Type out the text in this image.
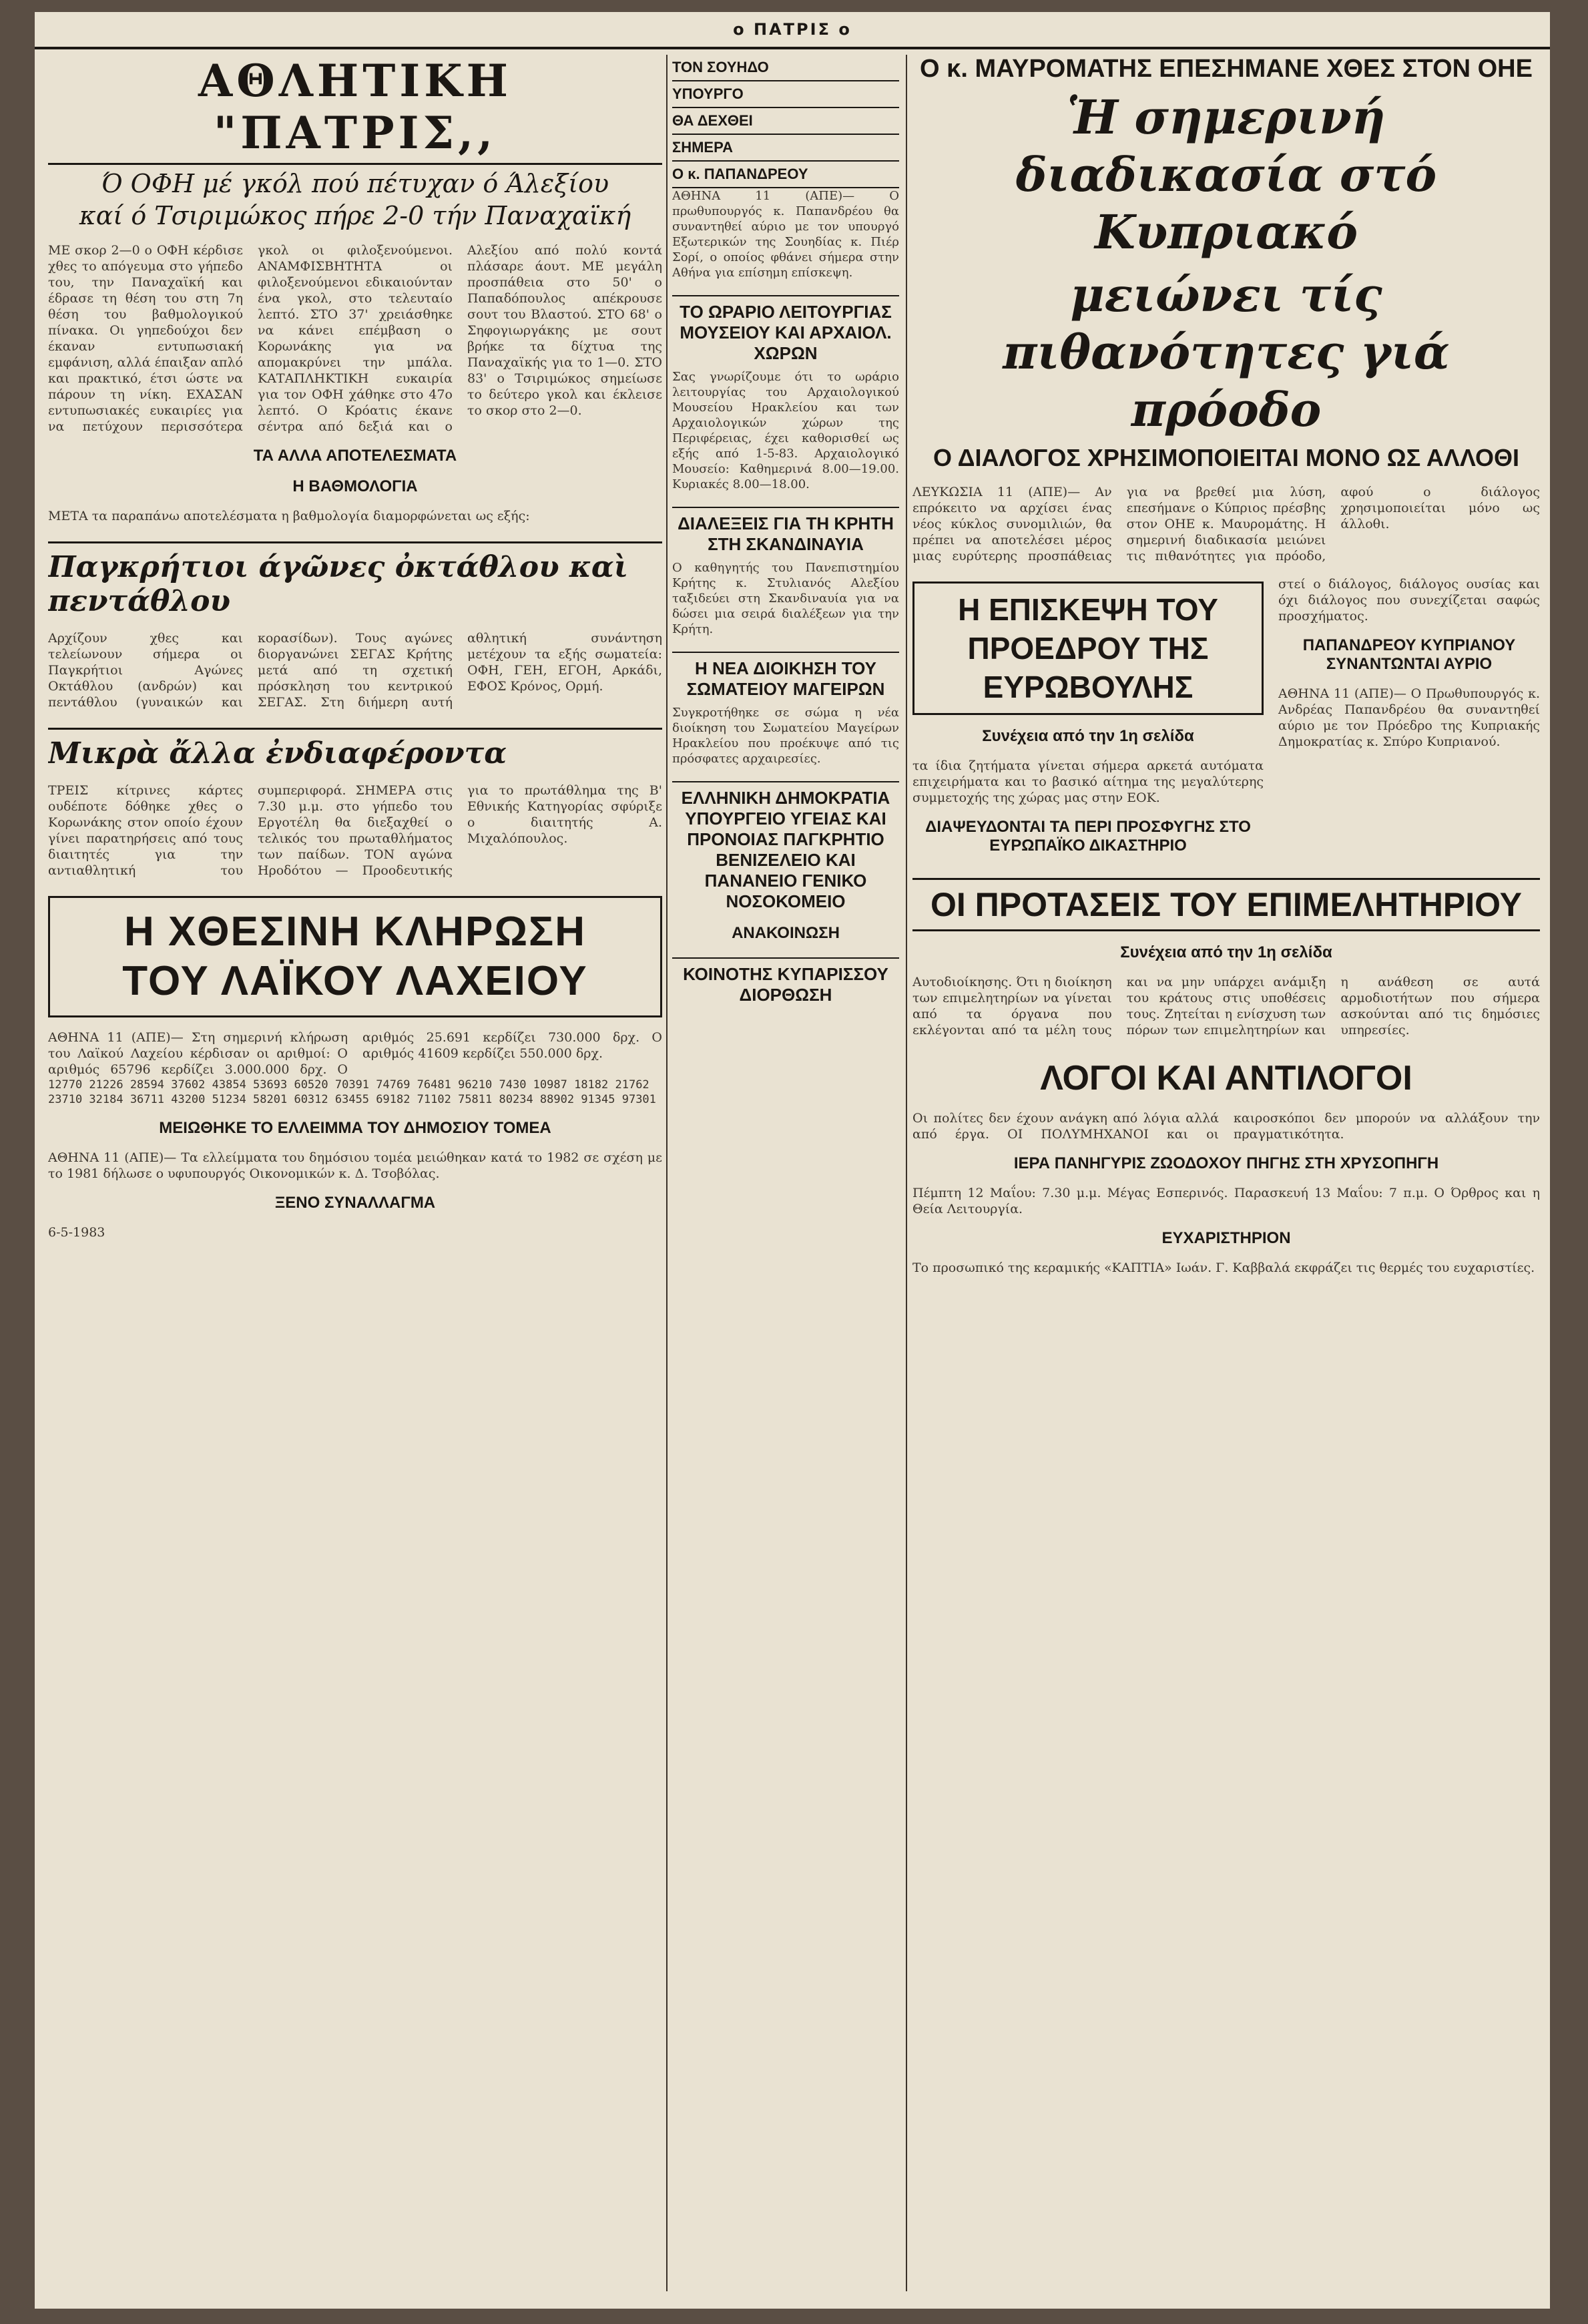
ο ΠΑΤΡΙΣ ο
ΑΘΛΗΤΙΚΗ "ΠΑΤΡΙΣ,,
Ό ΟΦΗ μέ γκόλ πού πέτυχαν ό Άλεξίου
καί ό Τσιριμώκος πήρε 2-0 τήν Παναχαϊκή
ΜΕ σκορ 2—0 ο ΟΦΗ κέρδισε χθες το απόγευμα στο γήπεδο του, την Παναχαϊκή και έδρασε τη θέση του στη 7η θέση του βαθμολογικού πίνακα. Οι γηπεδούχοι δεν έκαναν εντυπωσιακή εμφάνιση, αλλά έπαιξαν απλό και πρακτικό, έτσι ώστε να πάρουν τη νίκη. ΕΧΑΣΑΝ εντυπωσιακές ευκαιρίες για να πετύχουν περισσότερα γκολ οι φιλοξενούμενοι. ΑΝΑΜΦΙΣΒΗΤΗΤΑ οι φιλοξενούμενοι εδικαιούνταν ένα γκολ, στο τελευταίο λεπτό. ΣΤΟ 37' χρειάσθηκε να κάνει επέμβαση ο Κορωνάκης για να απομακρύνει την μπάλα. ΚΑΤΑΠΛΗΚΤΙΚΗ ευκαιρία για τον ΟΦΗ χάθηκε στο 47ο λεπτό. Ο Κρόατις έκανε σέντρα από δεξιά και ο Αλεξίου από πολύ κοντά πλάσαρε άουτ. ΜΕ μεγάλη προσπάθεια στο 50' ο Παπαδόπουλος απέκρουσε σουτ του Βλαστού. ΣΤΟ 68' ο Σηφογιωργάκης με σουτ βρήκε τα δίχτυα της Παναχαϊκής για το 1—0. ΣΤΟ 83' ο Τσιριμώκος σημείωσε το δεύτερο γκολ και έκλεισε το σκορ στο 2—0.
ΤΑ ΑΛΛΑ ΑΠΟΤΕΛΕΣΜΑΤΑ
Η ΒΑΘΜΟΛΟΓΙΑ
ΜΕΤΑ τα παραπάνω αποτελέσματα η βαθμολογία διαμορφώνεται ως εξής:
Παγκρήτιοι άγῶνες ὀκτάθλου καὶ πεντάθλου
Αρχίζουν χθες και τελείωνουν σήμερα οι Παγκρήτιοι Αγώνες Οκτάθλου (ανδρών) και πεντάθλου (γυναικών και κορασίδων). Τους αγώνες διοργανώνει ΣΕΓΑΣ Κρήτης μετά από τη σχετική πρόσκληση του κεντρικού ΣΕΓΑΣ. Στη διήμερη αυτή αθλητική συνάντηση μετέχουν τα εξής σωματεία: ΟΦΗ, ΓΕΗ, ΕΓΟΗ, Αρκάδι, ΕΦΟΣ Κρόνος, Ορμή.
Μικρὰ ἄλλα ἐνδιαφέροντα
ΤΡΕΙΣ κίτρινες κάρτες ουδέποτε δόθηκε χθες ο Κορωνάκης στον οποίο έχουν γίνει παρατηρήσεις από τους διαιτητές για την αντιαθλητική του συμπεριφορά. ΣΗΜΕΡΑ στις 7.30 μ.μ. στο γήπεδο του Εργοτέλη θα διεξαχθεί ο τελικός του πρωταθλήματος των παίδων. ΤΟΝ αγώνα Ηροδότου — Προοδευτικής για το πρωτάθλημα της Β' Εθνικής Κατηγορίας σφύριξε ο διαιτητής Α. Μιχαλόπουλος.
Η ΧΘΕΣΙΝΗ ΚΛΗΡΩΣΗ
ΤΟΥ ΛΑΪΚΟΥ ΛΑΧΕΙΟΥ
ΑΘΗΝΑ 11 (ΑΠΕ)— Στη σημερινή κλήρωση του Λαϊκού Λαχείου κέρδισαν οι αριθμοί: Ο αριθμός 65796 κερδίζει 3.000.000 δρχ. Ο αριθμός 25.691 κερδίζει 730.000 δρχ. Ο αριθμός 41609 κερδίζει 550.000 δρχ.
12770 21226 28594 37602 43854 53693 60520 70391 74769 76481 96210 7430 10987 18182 21762 23710 32184 36711 43200 51234 58201 60312 63455 69182 71102 75811 80234 88902 91345 97301
ΜΕΙΩΘΗΚΕ ΤΟ ΕΛΛΕΙΜΜΑ ΤΟΥ ΔΗΜΟΣΙΟΥ ΤΟΜΕΑ
ΑΘΗΝΑ 11 (ΑΠΕ)— Τα ελλείμματα του δημόσιου τομέα μειώθηκαν κατά το 1982 σε σχέση με το 1981 δήλωσε ο υφυπουργός Οικονομικών κ. Δ. Τσοβόλας.
ΞΕΝΟ ΣΥΝΑΛΛΑΓΜΑ
6-5-1983
ΤΟΝ ΣΟΥΗΔΟ
ΥΠΟΥΡΓΟ
ΘΑ ΔΕΧΘΕΙ
ΣΗΜΕΡΑ
Ο κ. ΠΑΠΑΝΔΡΕΟΥ

ΑΘΗΝΑ 11 (ΑΠΕ)— Ο πρωθυπουργός κ. Παπανδρέου θα συναντηθεί αύριο με τον υπουργό Εξωτερικών της Σουηδίας κ. Πιέρ Σορί, ο οποίος φθάνει σήμερα στην Αθήνα για επίσημη επίσκεψη.

ΤΟ ΩΡΑΡΙΟ ΛΕΙΤΟΥΡΓΙΑΣ ΜΟΥΣΕΙΟΥ ΚΑΙ ΑΡΧΑΙΟΛ. ΧΩΡΩΝ

Σας γνωρίζουμε ότι το ωράριο λειτουργίας του Αρχαιολογικού Μουσείου Ηρακλείου και των Αρχαιολογικών χώρων της Περιφέρειας, έχει καθορισθεί ως εξής από 1-5-83. Αρχαιολογικό Μουσείο: Καθημερινά 8.00—19.00. Κυριακές 8.00—18.00.

ΔΙΑΛΕΞΕΙΣ ΓΙΑ ΤΗ ΚΡΗΤΗ ΣΤΗ ΣΚΑΝΔΙΝΑΥΙΑ

Ο καθηγητής του Πανεπιστημίου Κρήτης κ. Στυλιανός Αλεξίου ταξιδεύει στη Σκανδιναυία για να δώσει μια σειρά διαλέξεων για την Κρήτη.

Η ΝΕΑ ΔΙΟΙΚΗΣΗ ΤΟΥ ΣΩΜΑΤΕΙΟΥ ΜΑΓΕΙΡΩΝ

Συγκροτήθηκε σε σώμα η νέα διοίκηση του Σωματείου Μαγείρων Ηρακλείου που προέκυψε από τις πρόσφατες αρχαιρεσίες.

ΕΛΛΗΝΙΚΗ ΔΗΜΟΚΡΑΤΙΑ ΥΠΟΥΡΓΕΙΟ ΥΓΕΙΑΣ ΚΑΙ ΠΡΟΝΟΙΑΣ ΠΑΓΚΡΗΤΙΟ ΒΕΝΙΖΕΛΕΙΟ ΚΑΙ ΠΑΝΑΝΕΙΟ ΓΕΝΙΚΟ ΝΟΣΟΚΟΜΕΙΟ
ΑΝΑΚΟΙΝΩΣΗ
ΚΟΙΝΟΤΗΣ ΚΥΠΑΡΙΣΣΟΥ ΔΙΟΡΘΩΣΗ
Ο κ. ΜΑΥΡΟΜΑΤΗΣ ΕΠΕΣΗΜΑΝΕ ΧΘΕΣ ΣΤΟΝ ΟΗΕ
Ἡ σημερινή διαδικασία στό Κυπριακό
μειώνει τίς πιθανότητες γιά πρόοδο
Ο ΔΙΑΛΟΓΟΣ ΧΡΗΣΙΜΟΠΟΙΕΙΤΑΙ ΜΟΝΟ ΩΣ ΑΛΛΟΘΙ
ΛΕΥΚΩΣΙΑ 11 (ΑΠΕ)— Αν επρόκειτο να αρχίσει ένας νέος κύκλος συνομιλιών, θα πρέπει να αποτελέσει μέρος μιας ευρύτερης προσπάθειας για να βρεθεί μια λύση, επεσήμανε ο Κύπριος πρέσβης στον ΟΗΕ κ. Μαυρομάτης. Η σημερινή διαδικασία μειώνει τις πιθανότητες για πρόοδο, αφού ο διάλογος χρησιμοποιείται μόνο ως άλλοθι.
Η ΕΠΙΣΚΕΨΗ ΤΟΥ ΠΡΟΕΔΡΟΥ ΤΗΣ ΕΥΡΩΒΟΥΛΗΣ
Συνέχεια από την 1η σελίδα
τα ίδια ζητήματα γίνεται σήμερα αρκετά αυτόματα επιχειρήματα και το βασικό αίτημα της μεγαλύτερης συμμετοχής της χώρας μας στην ΕΟΚ.
ΔΙΑΨΕΥΔΟΝΤΑΙ ΤΑ ΠΕΡΙ ΠΡΟΣΦΥΓΗΣ ΣΤΟ ΕΥΡΩΠΑΪΚΟ ΔΙΚΑΣΤΗΡΙΟ
στεί ο διάλογος, διάλογος ουσίας και όχι διάλογος που συνεχίζεται σαφώς προσχήματος.
ΠΑΠΑΝΔΡΕΟΥ ΚΥΠΡΙΑΝΟΥ ΣΥΝΑΝΤΩΝΤΑΙ ΑΥΡΙΟ
ΑΘΗΝΑ 11 (ΑΠΕ)— Ο Πρωθυπουργός κ. Ανδρέας Παπανδρέου θα συναντηθεί αύριο με τον Πρόεδρο της Κυπριακής Δημοκρατίας κ. Σπύρο Κυπριανού.
ΟΙ ΠΡΟΤΑΣΕΙΣ ΤΟΥ ΕΠΙΜΕΛΗΤΗΡΙΟΥ
Συνέχεια από την 1η σελίδα
Αυτοδιοίκησης. Ότι η διοίκηση των επιμελητηρίων να γίνεται από τα όργανα που εκλέγονται από τα μέλη τους και να μην υπάρχει ανάμιξη του κράτους στις υποθέσεις τους. Ζητείται η ενίσχυση των πόρων των επιμελητηρίων και η ανάθεση σε αυτά αρμοδιοτήτων που σήμερα ασκούνται από τις δημόσιες υπηρεσίες.
ΛΟΓΟΙ ΚΑΙ ΑΝΤΙΛΟΓΟΙ
Οι πολίτες δεν έχουν ανάγκη από λόγια αλλά από έργα. ΟΙ ΠΟΛΥΜΗΧΑΝΟΙ και οι καιροσκόποι δεν μπορούν να αλλάξουν την πραγματικότητα.
ΙΕΡΑ ΠΑΝΗΓΥΡΙΣ ΖΩΟΔΟΧΟΥ ΠΗΓΗΣ ΣΤΗ ΧΡΥΣΟΠΗΓΗ
Πέμπτη 12 Μαΐου: 7.30 μ.μ. Μέγας Εσπερινός. Παρασκευή 13 Μαΐου: 7 π.μ. Ο Όρθρος και η Θεία Λειτουργία.
ΕΥΧΑΡΙΣΤΗΡΙΟΝ
Το προσωπικό της κεραμικής «ΚΑΠΤΙΑ» Ιωάν. Γ. Καββαλά εκφράζει τις θερμές του ευχαριστίες.
